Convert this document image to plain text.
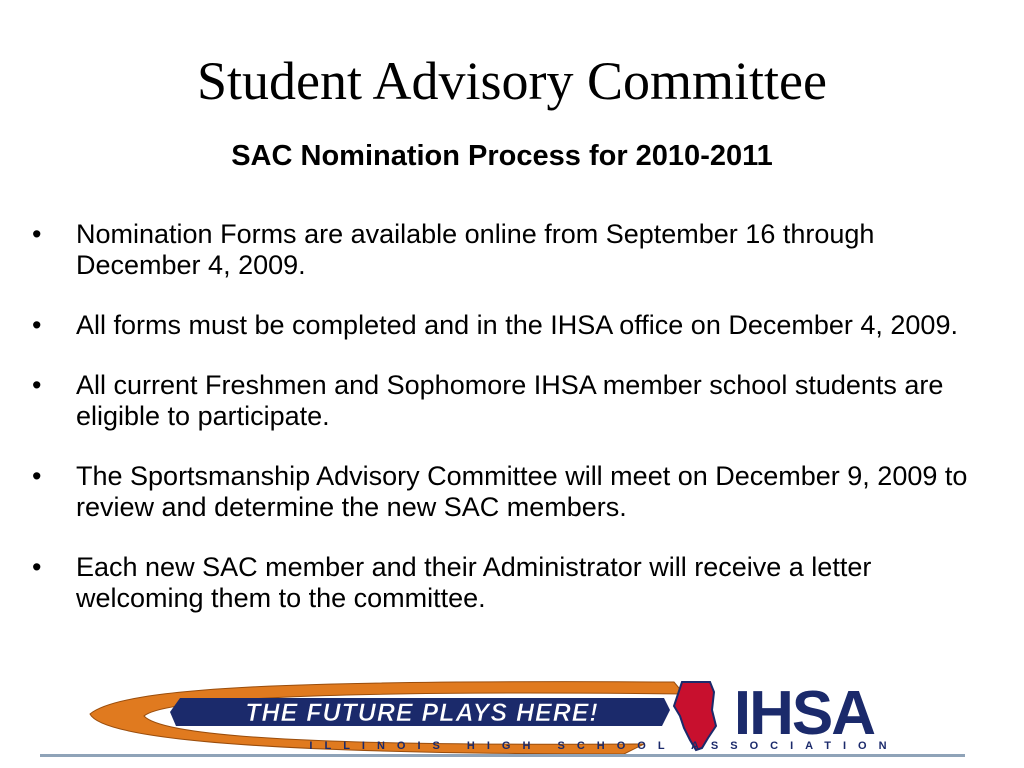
Student Advisory Committee
SAC Nomination Process for 2010-2011
• Nomination Forms are available online from September 16 through December 4, 2009.
• All forms must be completed and in the IHSA office on December 4, 2009.
• All current Freshmen and Sophomore IHSA member school students are eligible to participate.
• The Sportsmanship Advisory Committee will meet on December 9, 2009 to review and determine the new SAC members.
• Each new SAC member and their Administrator will receive a letter welcoming them to the committee.
THE FUTURE PLAYS HERE! IHSA
ILLINOIS HIGH SCHOOL ASSOCIATION
